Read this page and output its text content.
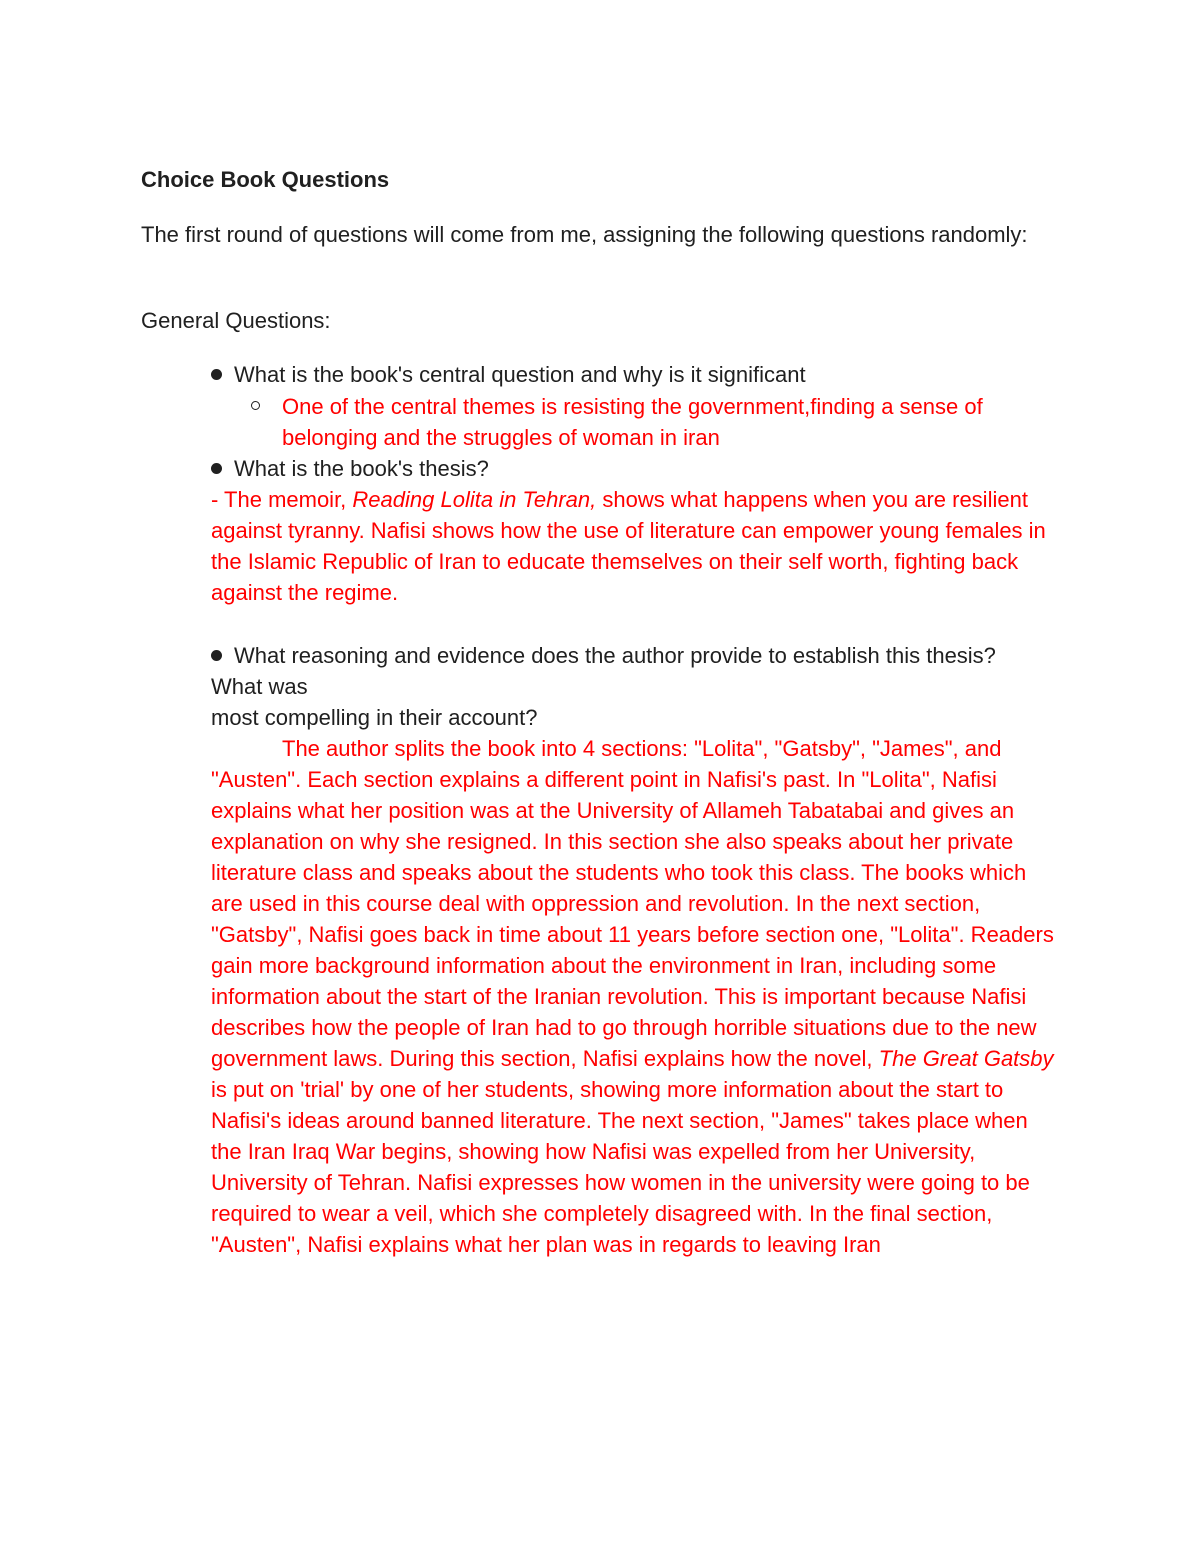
Choice Book Questions

The first round of questions will come from me, assigning the following questions randomly:

General Questions:

What is the book's central question and why is it significant

One of the central themes is resisting the government,finding a sense of belonging and the struggles of woman in iran

What is the book's thesis?

- The memoir, Reading Lolita in Tehran, shows what happens when you are resilient against tyranny. Nafisi shows how the use of literature can empower young females in the Islamic Republic of Iran to educate themselves on their self worth, fighting back against the regime.

What reasoning and evidence does the author provide to establish this thesis?

What was

most compelling in their account?

The author splits the book into 4 sections: "Lolita", "Gatsby", "James", and "Austen". Each section explains a different point in Nafisi's past. In "Lolita", Nafisi explains what her position was at the University of Allameh Tabatabai and gives an explanation on why she resigned. In this section she also speaks about her private literature class and speaks about the students who took this class. The books which are used in this course deal with oppression and revolution. In the next section, "Gatsby", Nafisi goes back in time about 11 years before section one, "Lolita". Readers gain more background information about the environment in Iran, including some information about the start of the Iranian revolution. This is important because Nafisi describes how the people of Iran had to go through horrible situations due to the new government laws. During this section, Nafisi explains how the novel, The Great Gatsby is put on 'trial' by one of her students, showing more information about the start to Nafisi's ideas around banned literature. The next section, "James" takes place when the Iran Iraq War begins, showing how Nafisi was expelled from her University, University of Tehran. Nafisi expresses how women in the university were going to be required to wear a veil, which she completely disagreed with. In the final section, "Austen", Nafisi explains what her plan was in regards to leaving Iran
